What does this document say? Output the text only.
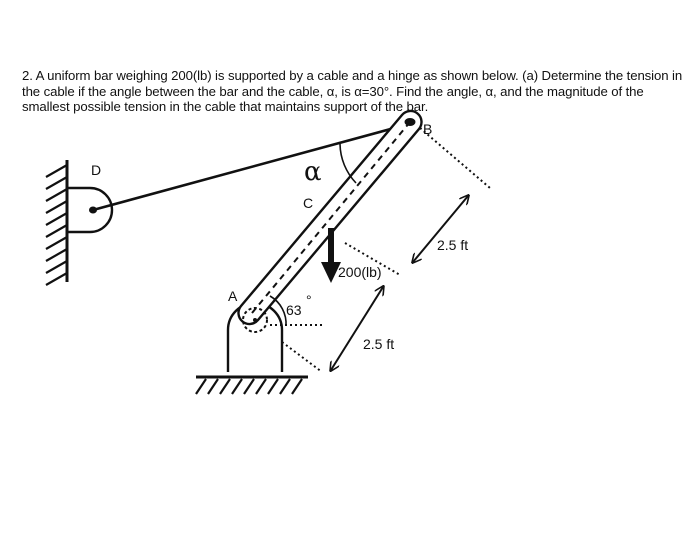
2. A uniform bar weighing 200(lb) is supported by a cable and a hinge as shown below. (a) Determine the tension in the cable if the angle between the bar and the cable, α, is α=30°. Find the angle, α, and the magnitude of the smallest possible tension in the cable that maintains support of the bar.

B
D
C
A
α
63
°
200(lb)
2.5 ft
2.5 ft
